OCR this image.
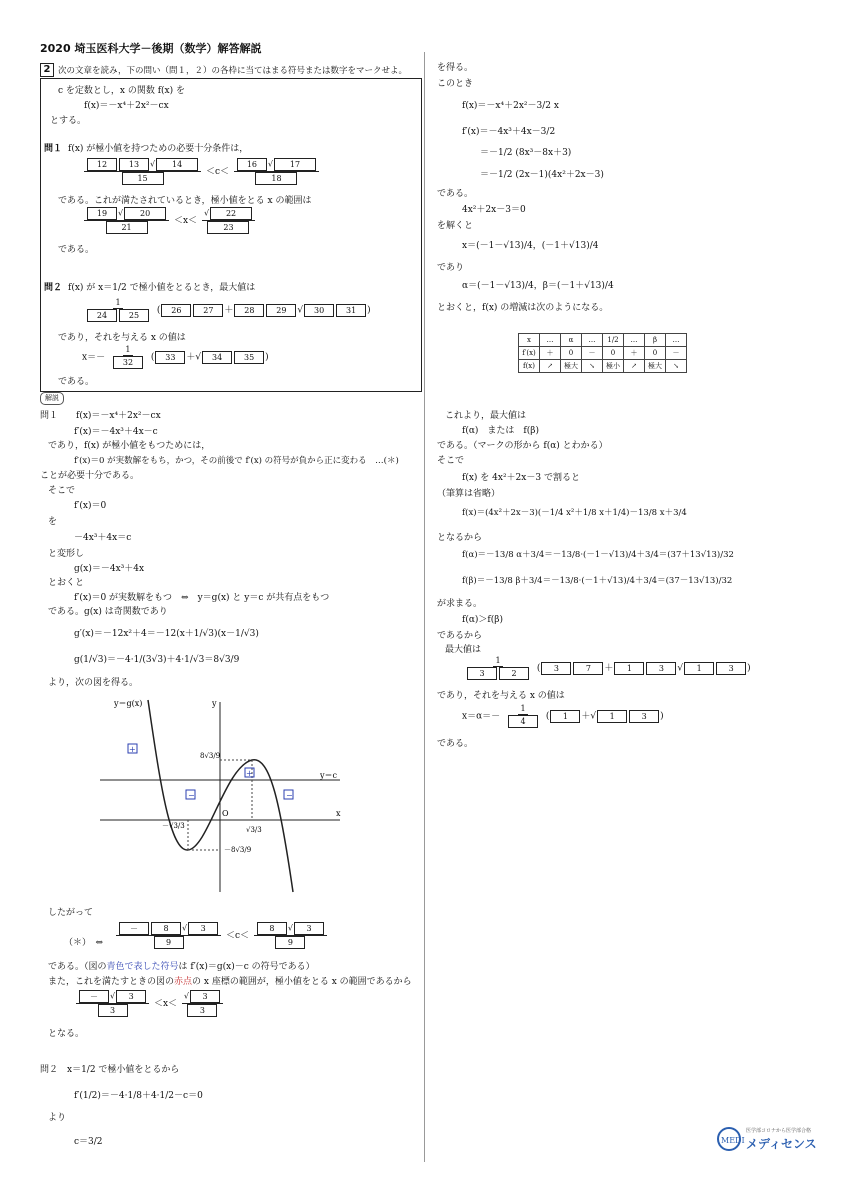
2020 埼玉医科大学－後期（数学）解答解説
2 次の文章を読み，下の問い（問１，２）の各枠に当てはまる符号または数字をマークせよ。
c を定数とし，x の関数 f(x) を
f(x)＝－x⁴＋2x²－cx
とする。
問１ f(x) が極小値を持つための必要十分条件は，
12	13 √ 14
$15 <c< \frac{16 √ 17}{18}$
である。これが満たされているとき，極小値をとる x の範囲は
$\frac{19 √ 20}{21} <x< \frac{√ 22}{23}$
である。
問２ f(x) が x＝1/2 で極小値をとるとき，最大値は
1
24	25 ( 26	27 ＋ 28	29 √ 30	31 )
であり，それを与える x の値は
$x=- \frac{1}{32}$ ( 33 ＋√ 34	35 )
である。
解説
問１　　f(x)＝－x⁴＋2x²－cx
f′(x)＝－4x³＋4x－c
であり，f(x) が極小値をもつためには，
f′(x)＝0 が実数解をもち，かつ，その前後で f′(x) の符号が負から正に変わる　…(＊)
ことが必要十分である。
そこで
f′(x)＝0
を
－4x³＋4x＝c
と変形し
g(x)＝－4x³＋4x
とおくと
f′(x)＝0 が実数解をもつ　⇔　y＝g(x) と y＝c が共有点をもつ
である。g(x) は奇関数であり
g′(x)＝－12x²＋4＝－12(x＋1/√3)(x－1/√3)
g(1/√3)＝－4·1/(3√3)＋4·1/√3＝8√3/9
より，次の図を得る。
y＝g(x)	y
x
O
y＝c
8√3/9
－8√3/9
－√3/3	√3/3
+
−
+
−
したがって
（＊）　⇔ －	8 √ 3
$9 <c< \frac{8 √ 3}{9}$
である。（図の青色で表した符号は f′(x)＝g(x)－c の符号である）
また，これを満たすときの図の赤点の x 座標の範囲が，極小値をとる x の範囲であるから
$\frac{- √ 3}{3} <x< \frac{√ 3}{3}$
となる。
問２　x＝1/2 で極小値をとるから
f′(1/2)＝－4·1/8＋4·1/2－c＝0
より
c＝3/2
を得る。
このとき
f(x)＝－x⁴＋2x²－3/2 x
f′(x)＝－4x³＋4x－3/2
＝－1/2 (8x³－8x＋3)
＝－1/2 (2x－1)(4x²＋2x－3)
である。
4x²＋2x－3＝0
を解くと
x＝(－1－√13)/4，(－1＋√13)/4
であり
α＝(－1－√13)/4，β＝(－1＋√13)/4
とおくと，f(x) の増減は次のようになる。
x	…	α	…	1/2	…	β	…
f′(x)	＋	0	－	0	＋	0	－
f(x)	↗	極大	↘	極小	↗	極大	↘
これより，最大値は
f(α)　または　f(β)
である。（マークの形から f(α) とわかる）
そこで
f(x) を 4x²＋2x－3 で割ると
（筆算は省略）
f(x)＝(4x²＋2x－3)(－1/4 x²＋1/8 x＋1/4)－13/8 x＋3/4
となるから
f(α)＝－13/8 α＋3/4＝－13/8·(－1－√13)/4＋3/4＝(37＋13√13)/32
f(β)＝－13/8 β＋3/4＝－13/8·(－1＋√13)/4＋3/4＝(37－13√13)/32
が求まる。
f(α)＞f(β)
であるから
最大値は
1
3	2 ( 3	7 ＋ 1	3 √ 1	3 )
であり，それを与える x の値は
$x=\alpha=- \frac{1}{4}$ ( 1 ＋√ 1	3 )
である。
MEDI
医学部コロナから医学部合格
メディセンス
